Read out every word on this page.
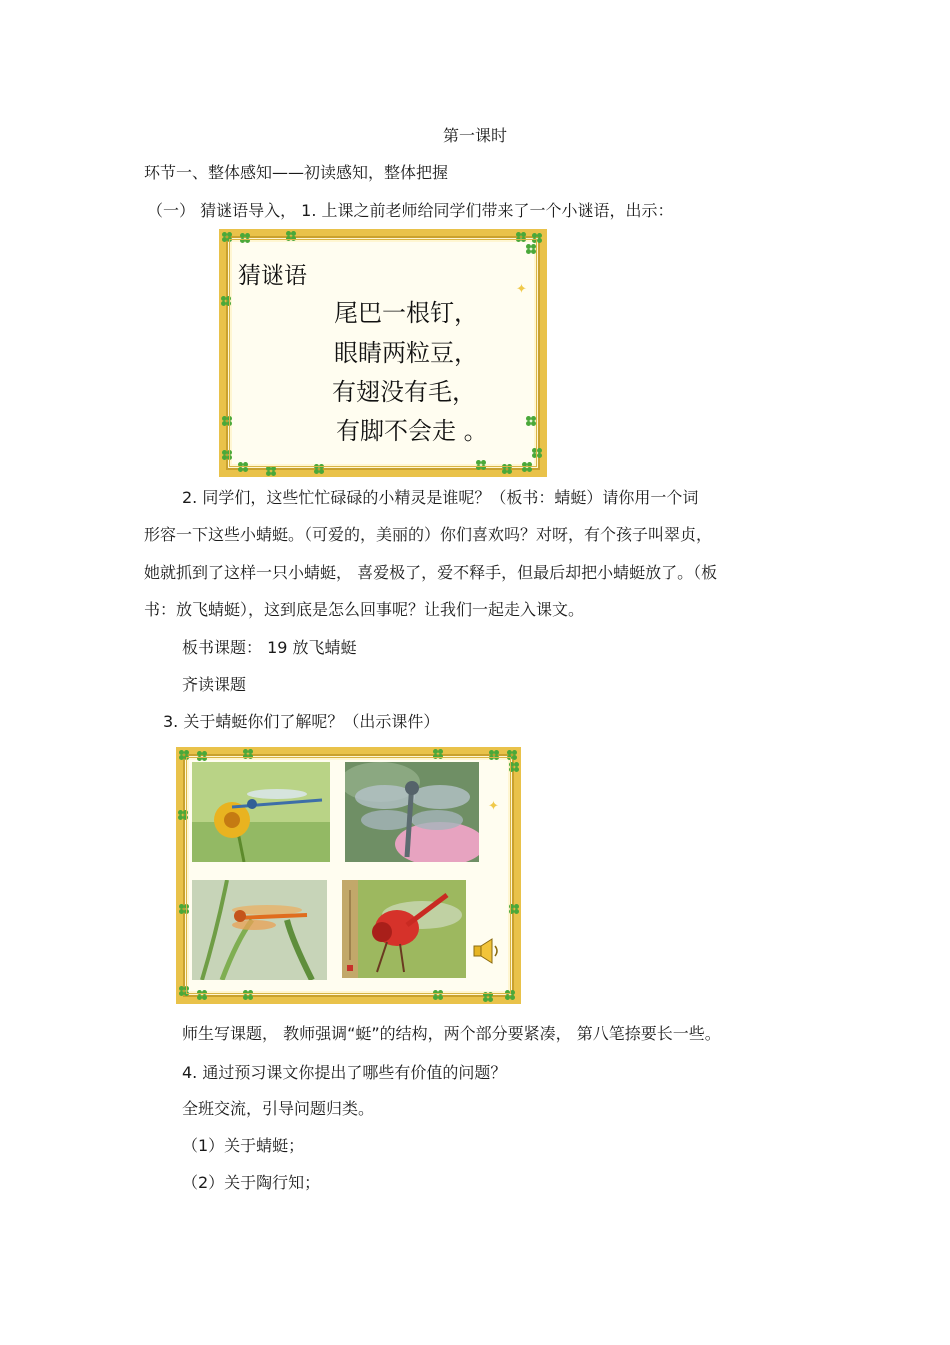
第一课时
环节一、整体感知——初读感知，整体把握
（一） 猜谜语导入， 1. 上课之前老师给同学们带来了一个小谜语，出示：
猜谜语
尾巴一根钉，
眼睛两粒豆，
有翅没有毛，
有脚不会走 。
✦
2. 同学们，这些忙忙碌碌的小精灵是谁呢？（板书：蜻蜓）请你用一个词
形容一下这些小蜻蜓。（可爱的，美丽的）你们喜欢吗？对呀，有个孩子叫翠贞，
她就抓到了这样一只小蜻蜓， 喜爱极了，爱不释手，但最后却把小蜻蜓放了。（板
书：放飞蜻蜓），这到底是怎么回事呢？让我们一起走入课文。
板书课题： 19 放飞蜻蜓
齐读课题
3. 关于蜻蜓你们了解呢？（出示课件）
✦
师生写课题， 教师强调“蜓”的结构，两个部分要紧凑， 第八笔捺要长一些。
4. 通过预习课文你提出了哪些有价值的问题？
全班交流，引导问题归类。
（1）关于蜻蜓；
（2）关于陶行知；
